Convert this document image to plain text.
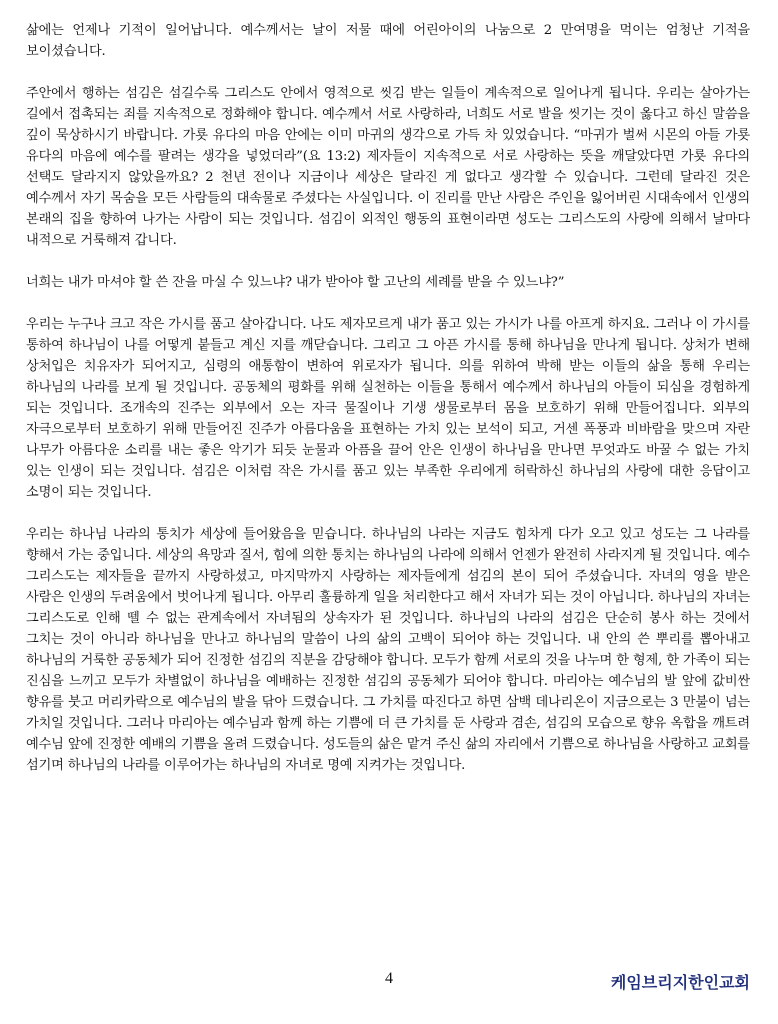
삶에는 언제나 기적이 일어납니다. 예수께서는 날이 저물 때에 어린아이의 나눔으로 2 만여명을 먹이는 엄청난 기적을 보이셨습니다.

주안에서 행하는 섬김은 섬길수록 그리스도 안에서 영적으로 씻김 받는 일들이 계속적으로 일어나게 됩니다. 우리는 살아가는 길에서 접촉되는 죄를 지속적으로 정화해야 합니다. 예수께서 서로 사랑하라, 너희도 서로 발을 씻기는 것이 옳다고 하신 말씀을 깊이 묵상하시기 바랍니다. 가룟 유다의 마음 안에는 이미 마귀의 생각으로 가득 차 있었습니다. “마귀가 벌써 시몬의 아들 가룟 유다의 마음에 예수를 팔려는 생각을 넣었더라”(요 13:2) 제자들이 지속적으로 서로 사랑하는 뜻을 깨달았다면 가룟 유다의 선택도 달라지지 않았을까요? 2 천년 전이나 지금이나 세상은 달라진 게 없다고 생각할 수 있습니다. 그런데 달라진 것은 예수께서 자기 목숨을 모든 사람들의 대속물로 주셨다는 사실입니다. 이 진리를 만난 사람은 주인을 잃어버린 시대속에서 인생의 본래의 집을 향하여 나가는 사람이 되는 것입니다. 섬김이 외적인 행동의 표현이라면 성도는 그리스도의 사랑에 의해서 날마다 내적으로 거룩해져 갑니다.

너희는 내가 마셔야 할 쓴 잔을 마실 수 있느냐? 내가 받아야 할 고난의 세례를 받을 수 있느냐?”

우리는 누구나 크고 작은 가시를 품고 살아갑니다. 나도 제자모르게 내가 품고 있는 가시가 나를 아프게 하지요. 그러나 이 가시를 통하여 하나님이 나를 어떻게 붙들고 계신 지를 깨닫습니다. 그리고 그 아픈 가시를 통해 하나님을 만나게 됩니다. 상처가 변해 상처입은 치유자가 되어지고, 심령의 애통함이 변하여 위로자가 됩니다. 의를 위하여 박해 받는 이들의 삶을 통해 우리는 하나님의 나라를 보게 될 것입니다. 공동체의 평화를 위해 실천하는 이들을 통해서 예수께서 하나님의 아들이 되심을 경험하게 되는 것입니다. 조개속의 진주는 외부에서 오는 자극 물질이나 기생 생물로부터 몸을 보호하기 위해 만들어집니다. 외부의 자극으로부터 보호하기 위해 만들어진 진주가 아름다움을 표현하는 가치 있는 보석이 되고, 거센 폭풍과 비바람을 맞으며 자란 나무가 아름다운 소리를 내는 좋은 악기가 되듯 눈물과 아픔을 끌어 안은 인생이 하나님을 만나면 무엇과도 바꿀 수 없는 가치 있는 인생이 되는 것입니다. 섬김은 이처럼 작은 가시를 품고 있는 부족한 우리에게 허락하신 하나님의 사랑에 대한 응답이고 소명이 되는 것입니다.

우리는 하나님 나라의 통치가 세상에 들어왔음을 믿습니다. 하나님의 나라는 지금도 힘차게 다가 오고 있고 성도는 그 나라를 향해서 가는 중입니다. 세상의 욕망과 질서, 힘에 의한 통치는 하나님의 나라에 의해서 언젠가 완전히 사라지게 될 것입니다. 예수 그리스도는 제자들을 끝까지 사랑하셨고, 마지막까지 사랑하는 제자들에게 섬김의 본이 되어 주셨습니다. 자녀의 영을 받은 사람은 인생의 두려움에서 벗어나게 됩니다. 아무리 훌륭하게 일을 처리한다고 해서 자녀가 되는 것이 아닙니다. 하나님의 자녀는 그리스도로 인해 뗄 수 없는 관계속에서 자녀됨의 상속자가 된 것입니다. 하나님의 나라의 섬김은 단순히 봉사 하는 것에서 그치는 것이 아니라 하나님을 만나고 하나님의 말씀이 나의 삶의 고백이 되어야 하는 것입니다. 내 안의 쓴 뿌리를 뽑아내고 하나님의 거룩한 공동체가 되어 진정한 섬김의 직분을 감당해야 합니다. 모두가 함께 서로의 것을 나누며 한 형제, 한 가족이 되는 진심을 느끼고 모두가 차별없이 하나님을 예배하는 진정한 섬김의 공동체가 되어야 합니다. 마리아는 예수님의 발 앞에 값비싼 향유를 붓고 머리카락으로 예수님의 발을 닦아 드렸습니다. 그 가치를 따진다고 하면 삼백 데나리온이 지금으로는 3 만불이 넘는 가치일 것입니다. 그러나 마리아는 예수님과 함께 하는 기쁨에 더 큰 가치를 둔 사랑과 겸손, 섬김의 모습으로 향유 옥합을 깨트려 예수님 앞에 진정한 예배의 기쁨을 올려 드렸습니다. 성도들의 삶은 맡겨 주신 삶의 자리에서 기쁨으로 하나님을 사랑하고 교회를 섬기며 하나님의 나라를 이루어가는 하나님의 자녀로 명예 지켜가는 것입니다.

4	케임브리지한인교회
